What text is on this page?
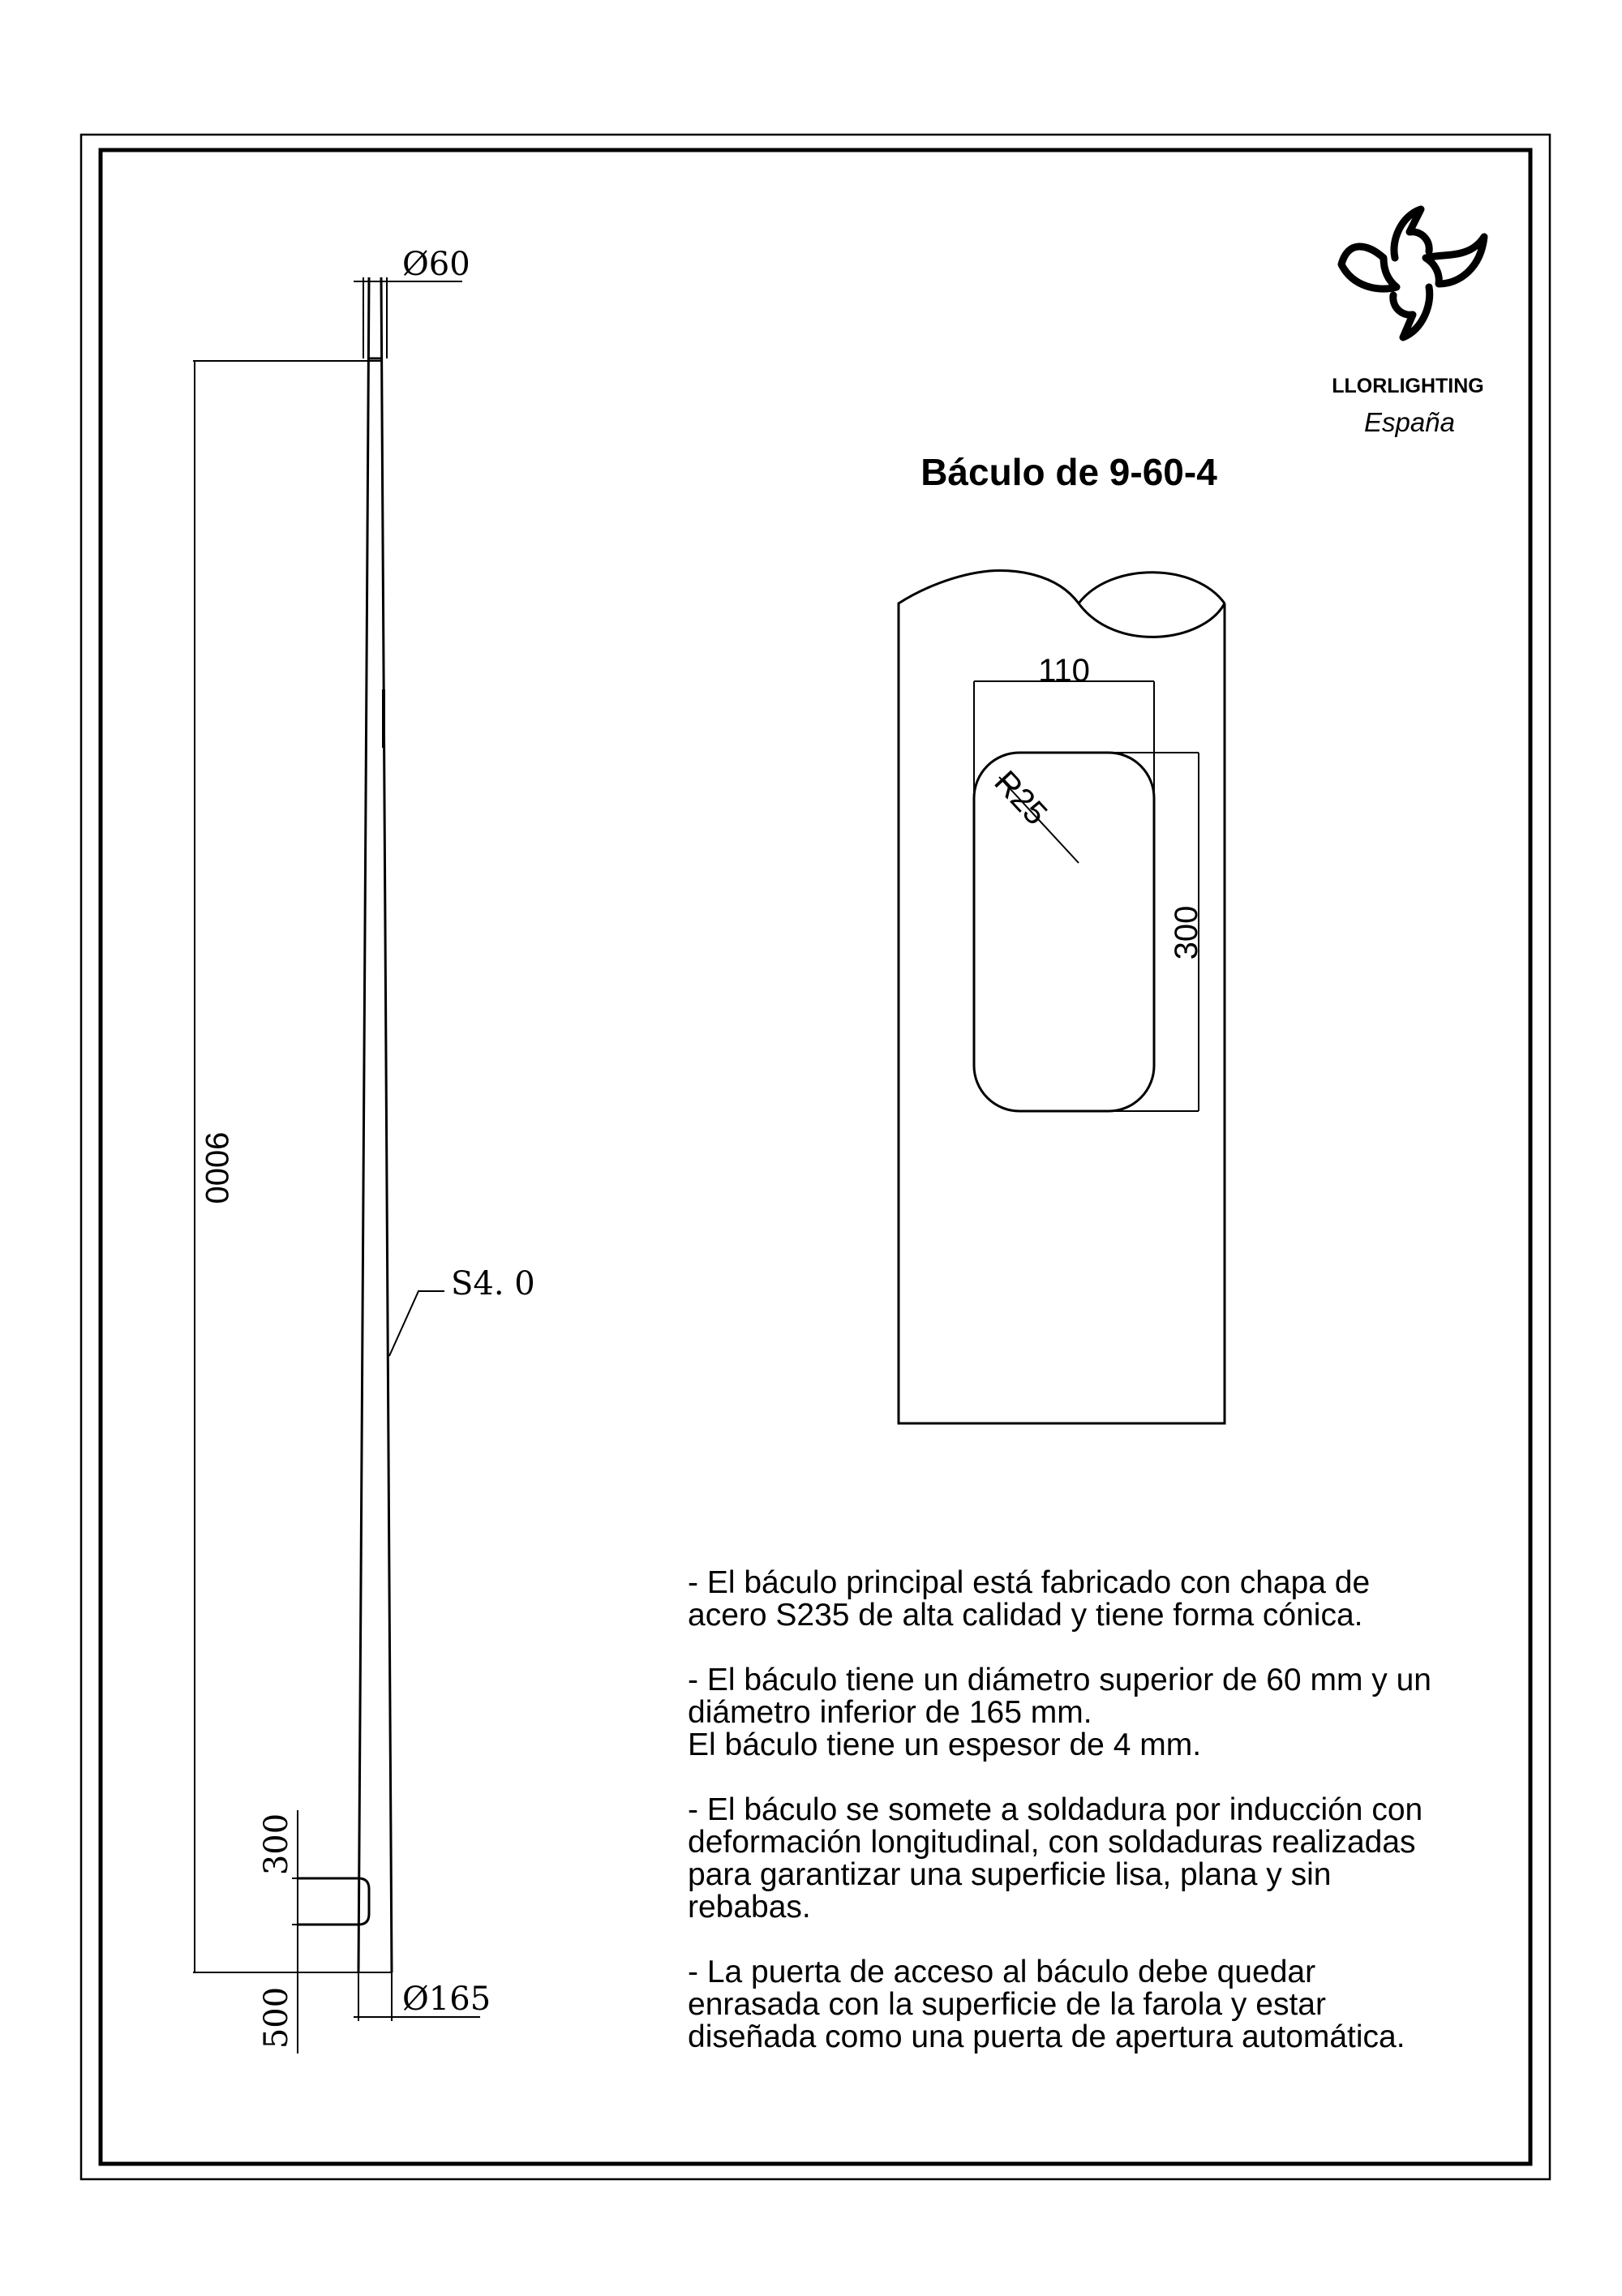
Ø60
9000
S4. 0
300
500	Ø165
LLORLIGHTING
España
Báculo de 9-60-4
110
300
R25

- El báculo principal está fabricado con chapa de
acero S235 de alta calidad y tiene forma cónica.

- El báculo tiene un diámetro superior de 60 mm y un
diámetro inferior de 165 mm.
El báculo tiene un espesor de 4 mm.

- El báculo se somete a soldadura por inducción con
deformación longitudinal, con soldaduras realizadas
para garantizar una superficie lisa, plana y sin
rebabas.

- La puerta de acceso al báculo debe quedar
enrasada con la superficie de la farola y estar
diseñada como una puerta de apertura automática.
